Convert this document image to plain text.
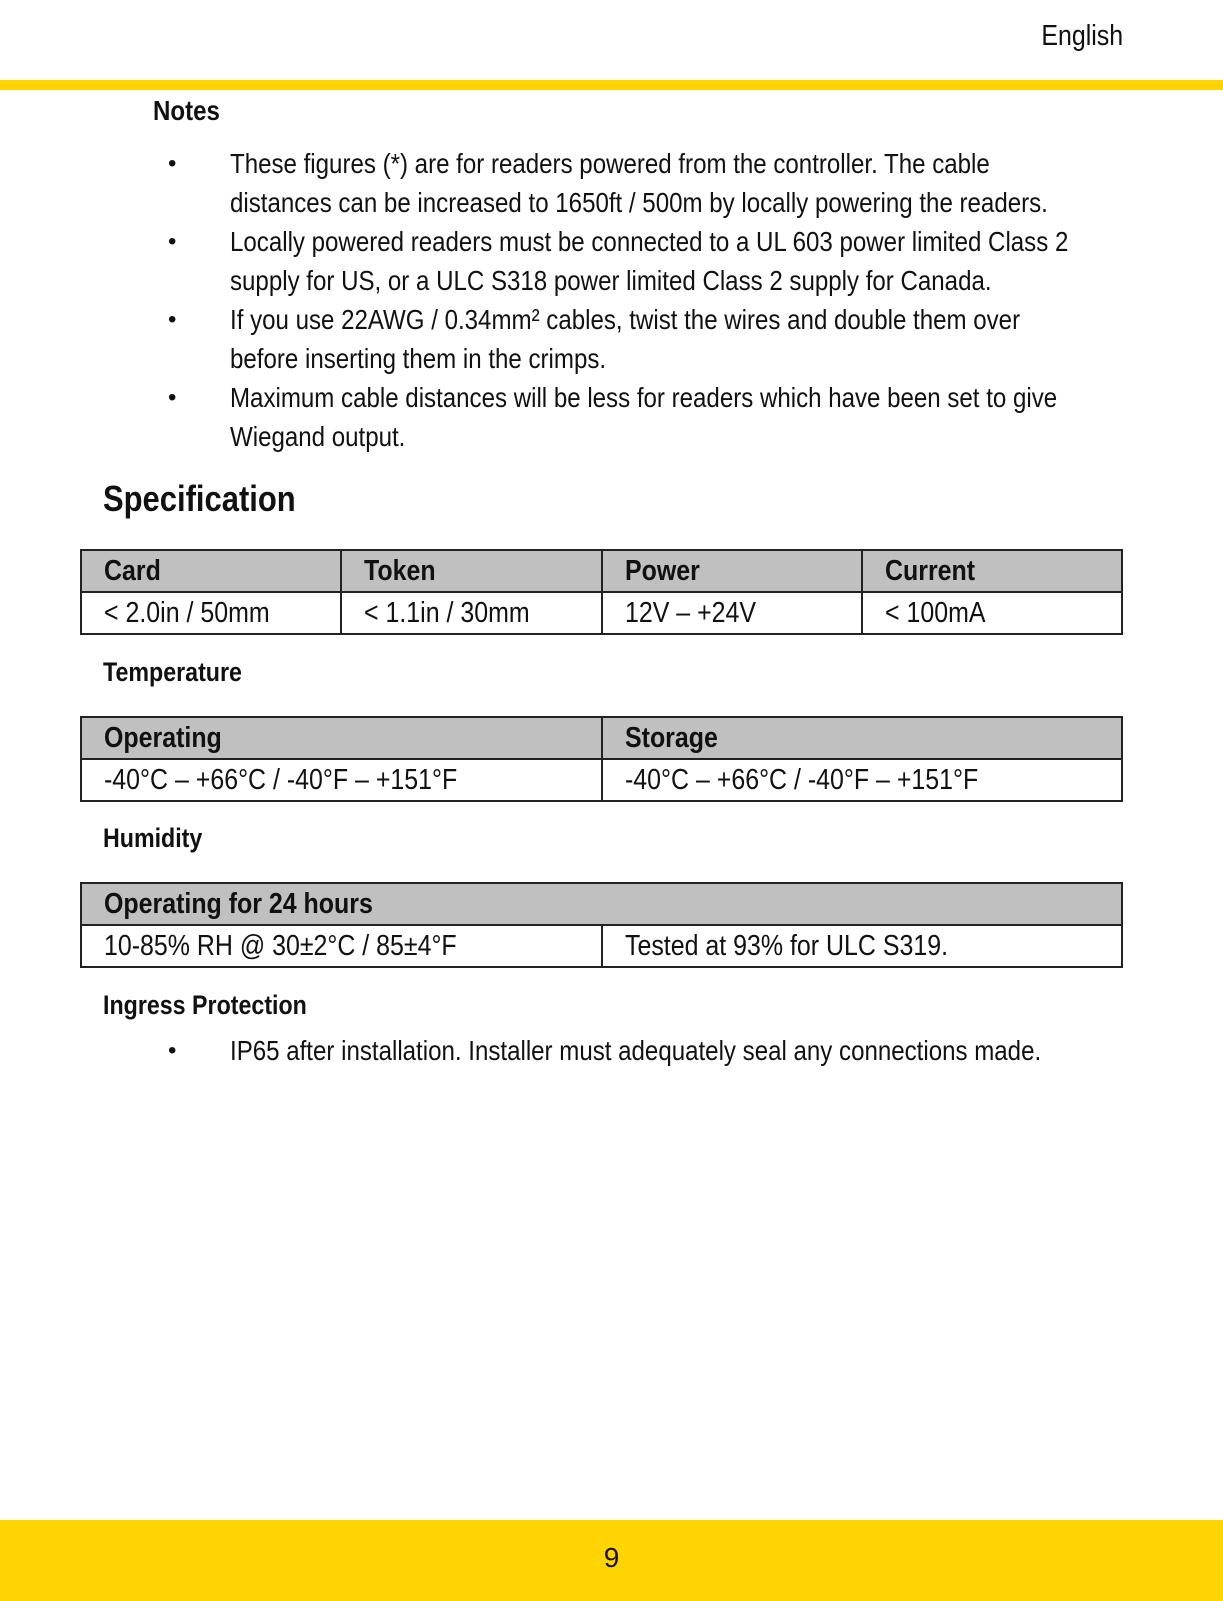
English
Notes
• These figures (*) are for readers powered from the controller. The cable
distances can be increased to 1650ft / 500m by locally powering the readers.
• Locally powered readers must be connected to a UL 603 power limited Class 2
supply for US, or a ULC S318 power limited Class 2 supply for Canada.
• If you use 22AWG / 0.34mm² cables, twist the wires and double them over
before inserting them in the crimps.
• Maximum cable distances will be less for readers which have been set to give
Wiegand output.
Specification
Card	Token	Power	Current
< 2.0in / 50mm	< 1.1in / 30mm	12V – +24V	< 100mA
Temperature
Operating	Storage
-40°C – +66°C / -40°F – +151°F	-40°C – +66°C / -40°F – +151°F
Humidity
Operating for 24 hours
10-85% RH @ 30±2°C / 85±4°F	Tested at 93% for ULC S319.
Ingress Protection
• IP65 after installation. Installer must adequately seal any connections made.
9
